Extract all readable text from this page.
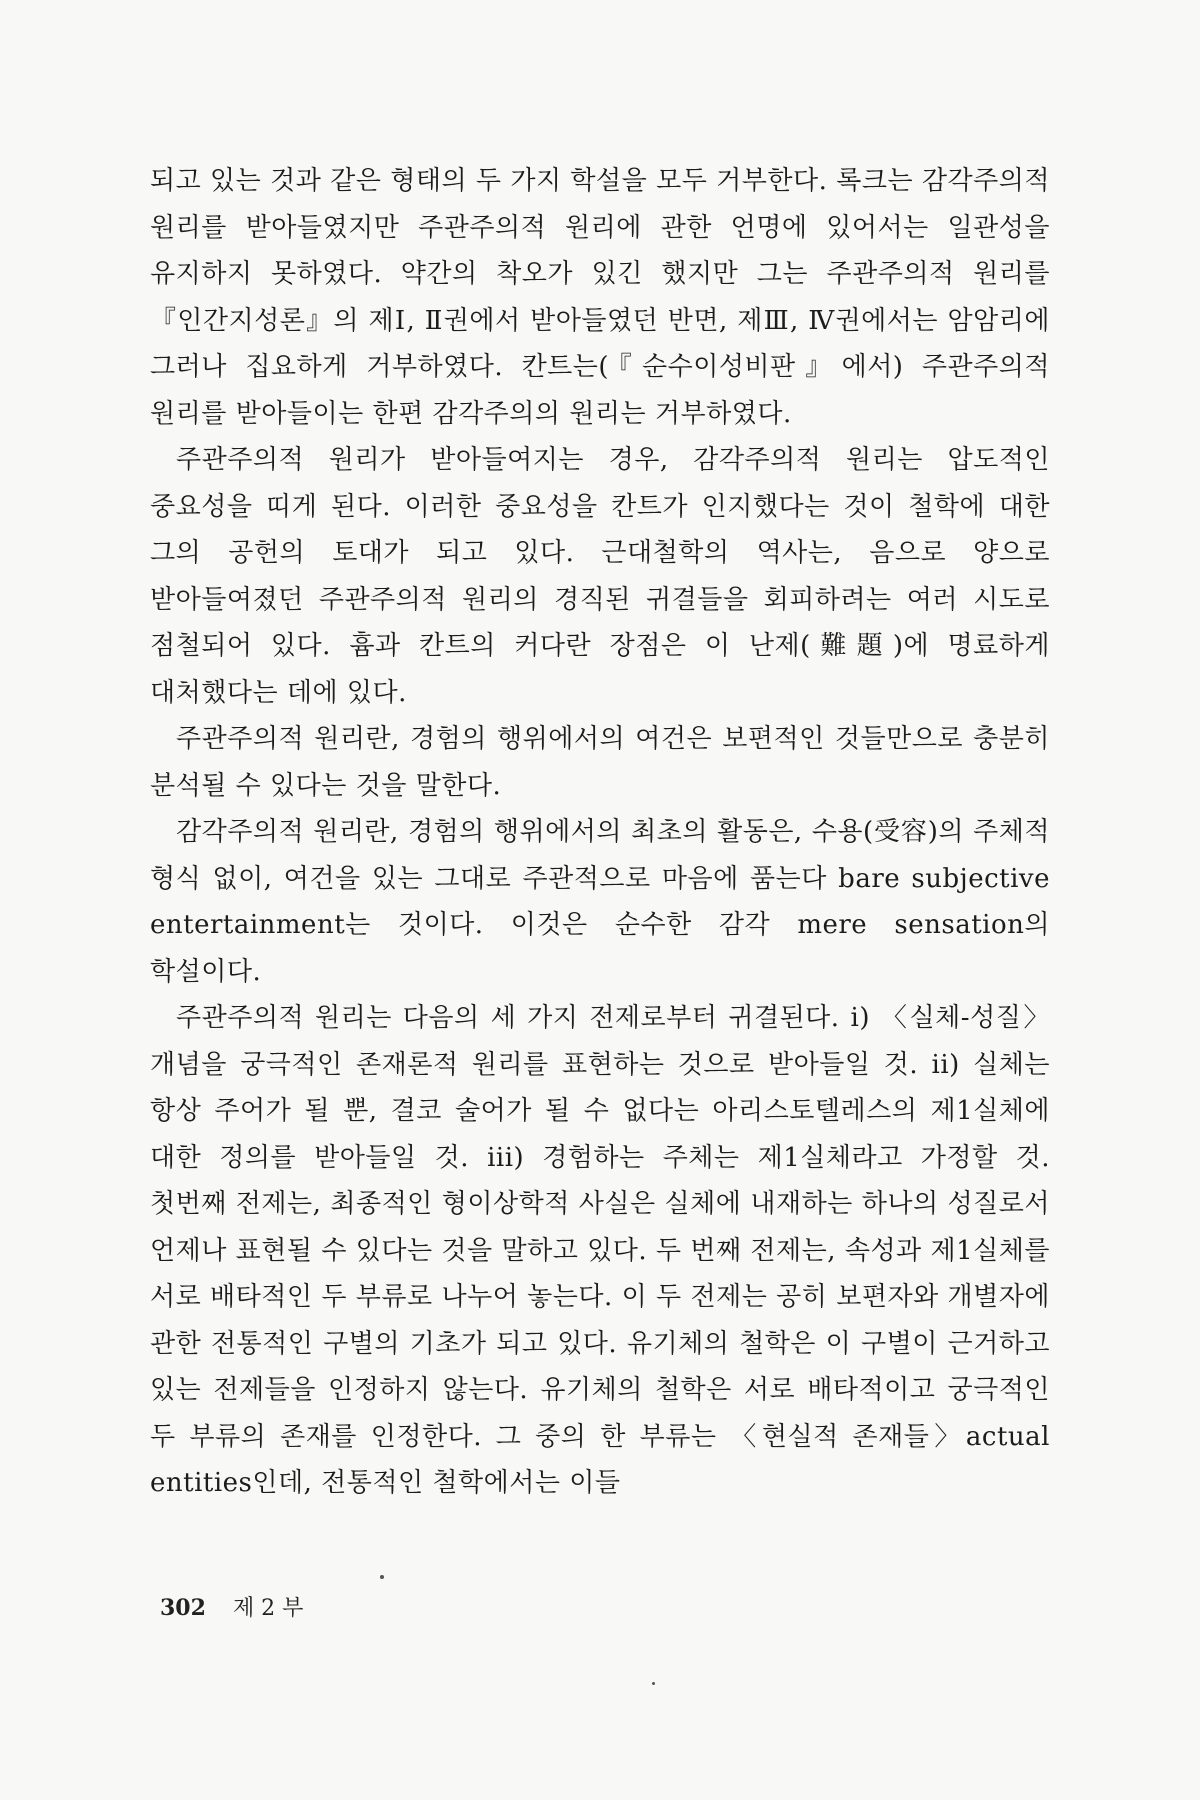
되고 있는 것과 같은 형태의 두 가지 학설을 모두 거부한다. 록크는 감각주의적 원리를 받아들였지만 주관주의적 원리에 관한 언명에 있어서는 일관성을 유지하지 못하였다. 약간의 착오가 있긴 했지만 그는 주관주의적 원리를 『인간지성론』의 제Ⅰ, Ⅱ권에서 받아들였던 반면, 제Ⅲ, Ⅳ권에서는 암암리에 그러나 집요하게 거부하였다. 칸트는(『순수이성비판』에서) 주관주의적 원리를 받아들이는 한편 감각주의의 원리는 거부하였다.

주관주의적 원리가 받아들여지는 경우, 감각주의적 원리는 압도적인 중요성을 띠게 된다. 이러한 중요성을 칸트가 인지했다는 것이 철학에 대한 그의 공헌의 토대가 되고 있다. 근대철학의 역사는, 음으로 양으로 받아들여졌던 주관주의적 원리의 경직된 귀결들을 회피하려는 여러 시도로 점철되어 있다. 흄과 칸트의 커다란 장점은 이 난제(難題)에 명료하게 대처했다는 데에 있다.

주관주의적 원리란, 경험의 행위에서의 여건은 보편적인 것들만으로 충분히 분석될 수 있다는 것을 말한다.

감각주의적 원리란, 경험의 행위에서의 최초의 활동은, 수용(受容)의 주체적 형식 없이, 여건을 있는 그대로 주관적으로 마음에 품는다 bare subjective entertainment는 것이다. 이것은 순수한 감각 mere sensation의 학설이다.

주관주의적 원리는 다음의 세 가지 전제로부터 귀결된다. i) 〈실체-성질〉 개념을 궁극적인 존재론적 원리를 표현하는 것으로 받아들일 것. ii) 실체는 항상 주어가 될 뿐, 결코 술어가 될 수 없다는 아리스토텔레스의 제1실체에 대한 정의를 받아들일 것. iii) 경험하는 주체는 제1실체라고 가정할 것. 첫번째 전제는, 최종적인 형이상학적 사실은 실체에 내재하는 하나의 성질로서 언제나 표현될 수 있다는 것을 말하고 있다. 두 번째 전제는, 속성과 제1실체를 서로 배타적인 두 부류로 나누어 놓는다. 이 두 전제는 공히 보편자와 개별자에 관한 전통적인 구별의 기초가 되고 있다. 유기체의 철학은 이 구별이 근거하고 있는 전제들을 인정하지 않는다. 유기체의 철학은 서로 배타적이고 궁극적인 두 부류의 존재를 인정한다. 그 중의 한 부류는 〈현실적 존재들〉actual entities인데, 전통적인 철학에서는 이들

302 제 2 부
